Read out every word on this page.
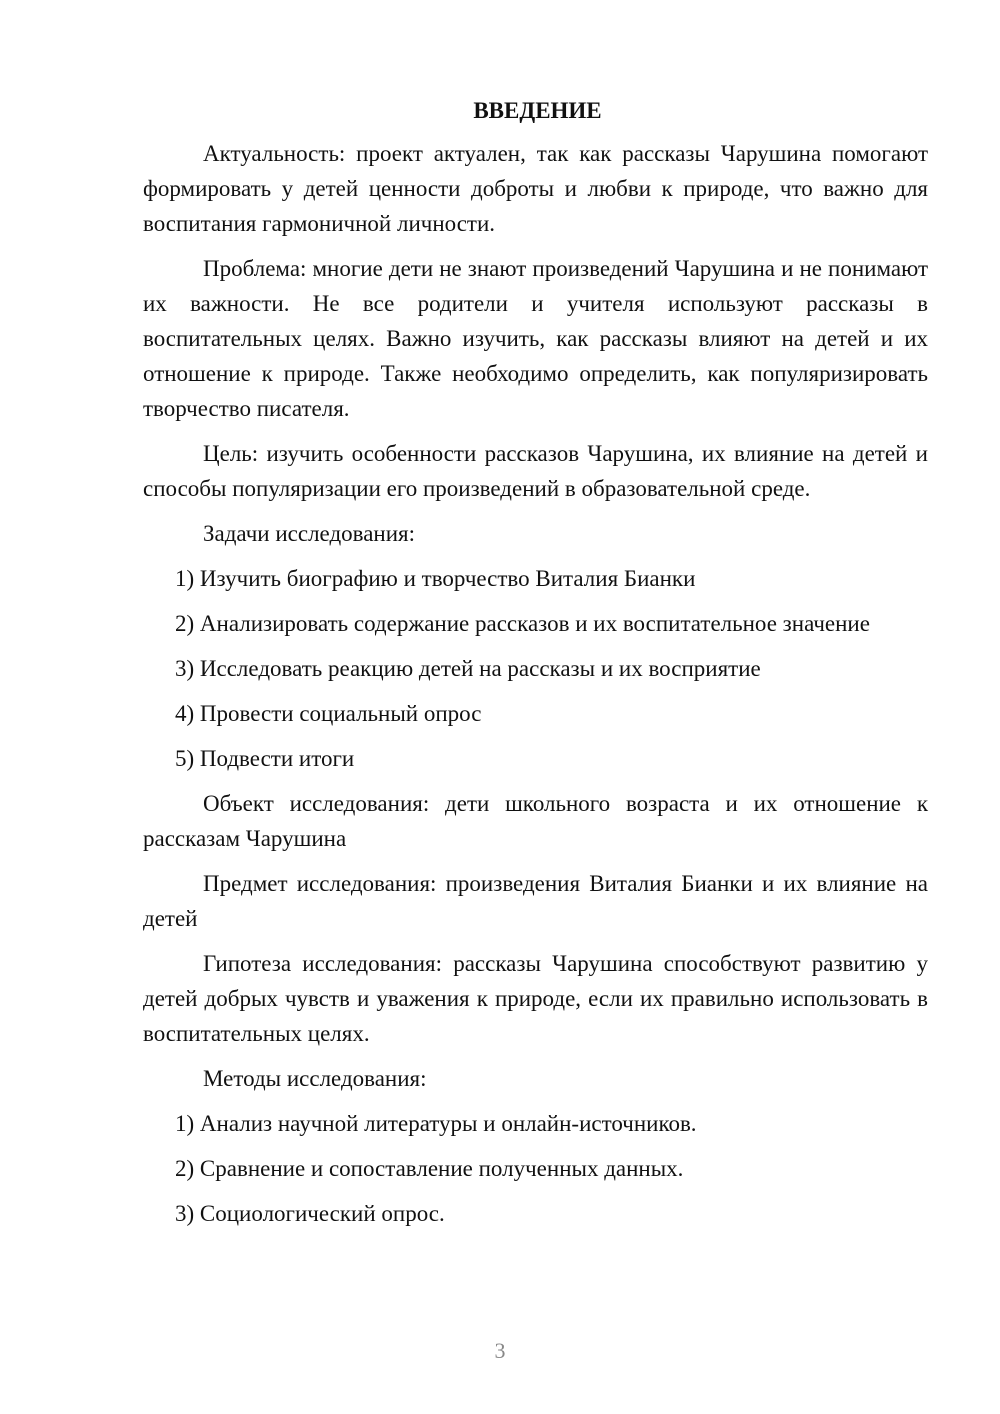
ВВЕДЕНИЕ

Актуальность: проект актуален, так как рассказы Чарушина помогают формировать у детей ценности доброты и любви к природе, что важно для воспитания гармоничной личности.

Проблема: многие дети не знают произведений Чарушина и не понимают их важности. Не все родители и учителя используют рассказы в воспитательных целях. Важно изучить, как рассказы влияют на детей и их отношение к природе. Также необходимо определить, как популяризировать творчество писателя.

Цель: изучить особенности рассказов Чарушина, их влияние на детей и способы популяризации его произведений в образовательной среде.

Задачи исследования:

1) Изучить биографию и творчество Виталия Бианки
2) Анализировать содержание рассказов и их воспитательное значение
3) Исследовать реакцию детей на рассказы и их восприятие
4) Провести социальный опрос
5) Подвести итоги

Объект исследования: дети школьного возраста и их отношение к рассказам Чарушина

Предмет исследования: произведения Виталия Бианки и их влияние на детей

Гипотеза исследования: рассказы Чарушина способствуют развитию у детей добрых чувств и уважения к природе, если их правильно использовать в воспитательных целях.

Методы исследования:

1) Анализ научной литературы и онлайн-источников.
2) Сравнение и сопоставление полученных данных.
3) Социологический опрос.
3
